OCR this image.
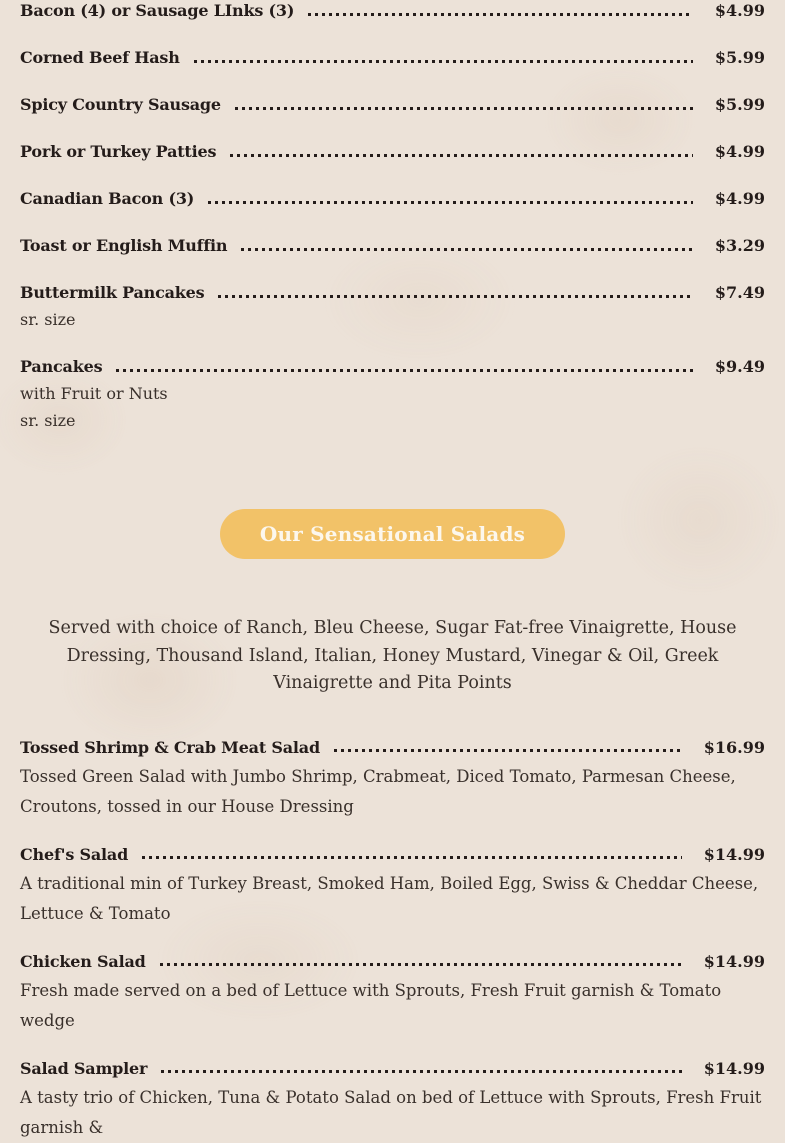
Bacon (4) or Sausage LInks (3)	$4.99
Corned Beef Hash	$5.99
Spicy Country Sausage	$5.99
Pork or Turkey Patties	$4.99
Canadian Bacon (3)	$4.99
Toast or English Muffin	$3.29
Buttermilk Pancakes	$7.49
sr. size
Pancakes	$9.49
with Fruit or Nuts
sr. size
Our Sensational Salads

Served with choice of Ranch, Bleu Cheese, Sugar Fat-free Vinaigrette, House Dressing, Thousand Island, Italian, Honey Mustard, Vinegar & Oil, Greek Vinaigrette and Pita Points

Tossed Shrimp & Crab Meat Salad	$16.99
Tossed Green Salad with Jumbo Shrimp, Crabmeat, Diced Tomato, Parmesan Cheese, Croutons, tossed in our House Dressing
Chef's Salad	$14.99
A traditional min of Turkey Breast, Smoked Ham, Boiled Egg, Swiss & Cheddar Cheese, Lettuce & Tomato
Chicken Salad	$14.99
Fresh made served on a bed of Lettuce with Sprouts, Fresh Fruit garnish & Tomato wedge
Salad Sampler	$14.99
A tasty trio of Chicken, Tuna & Potato Salad on bed of Lettuce with Sprouts, Fresh Fruit garnish &
